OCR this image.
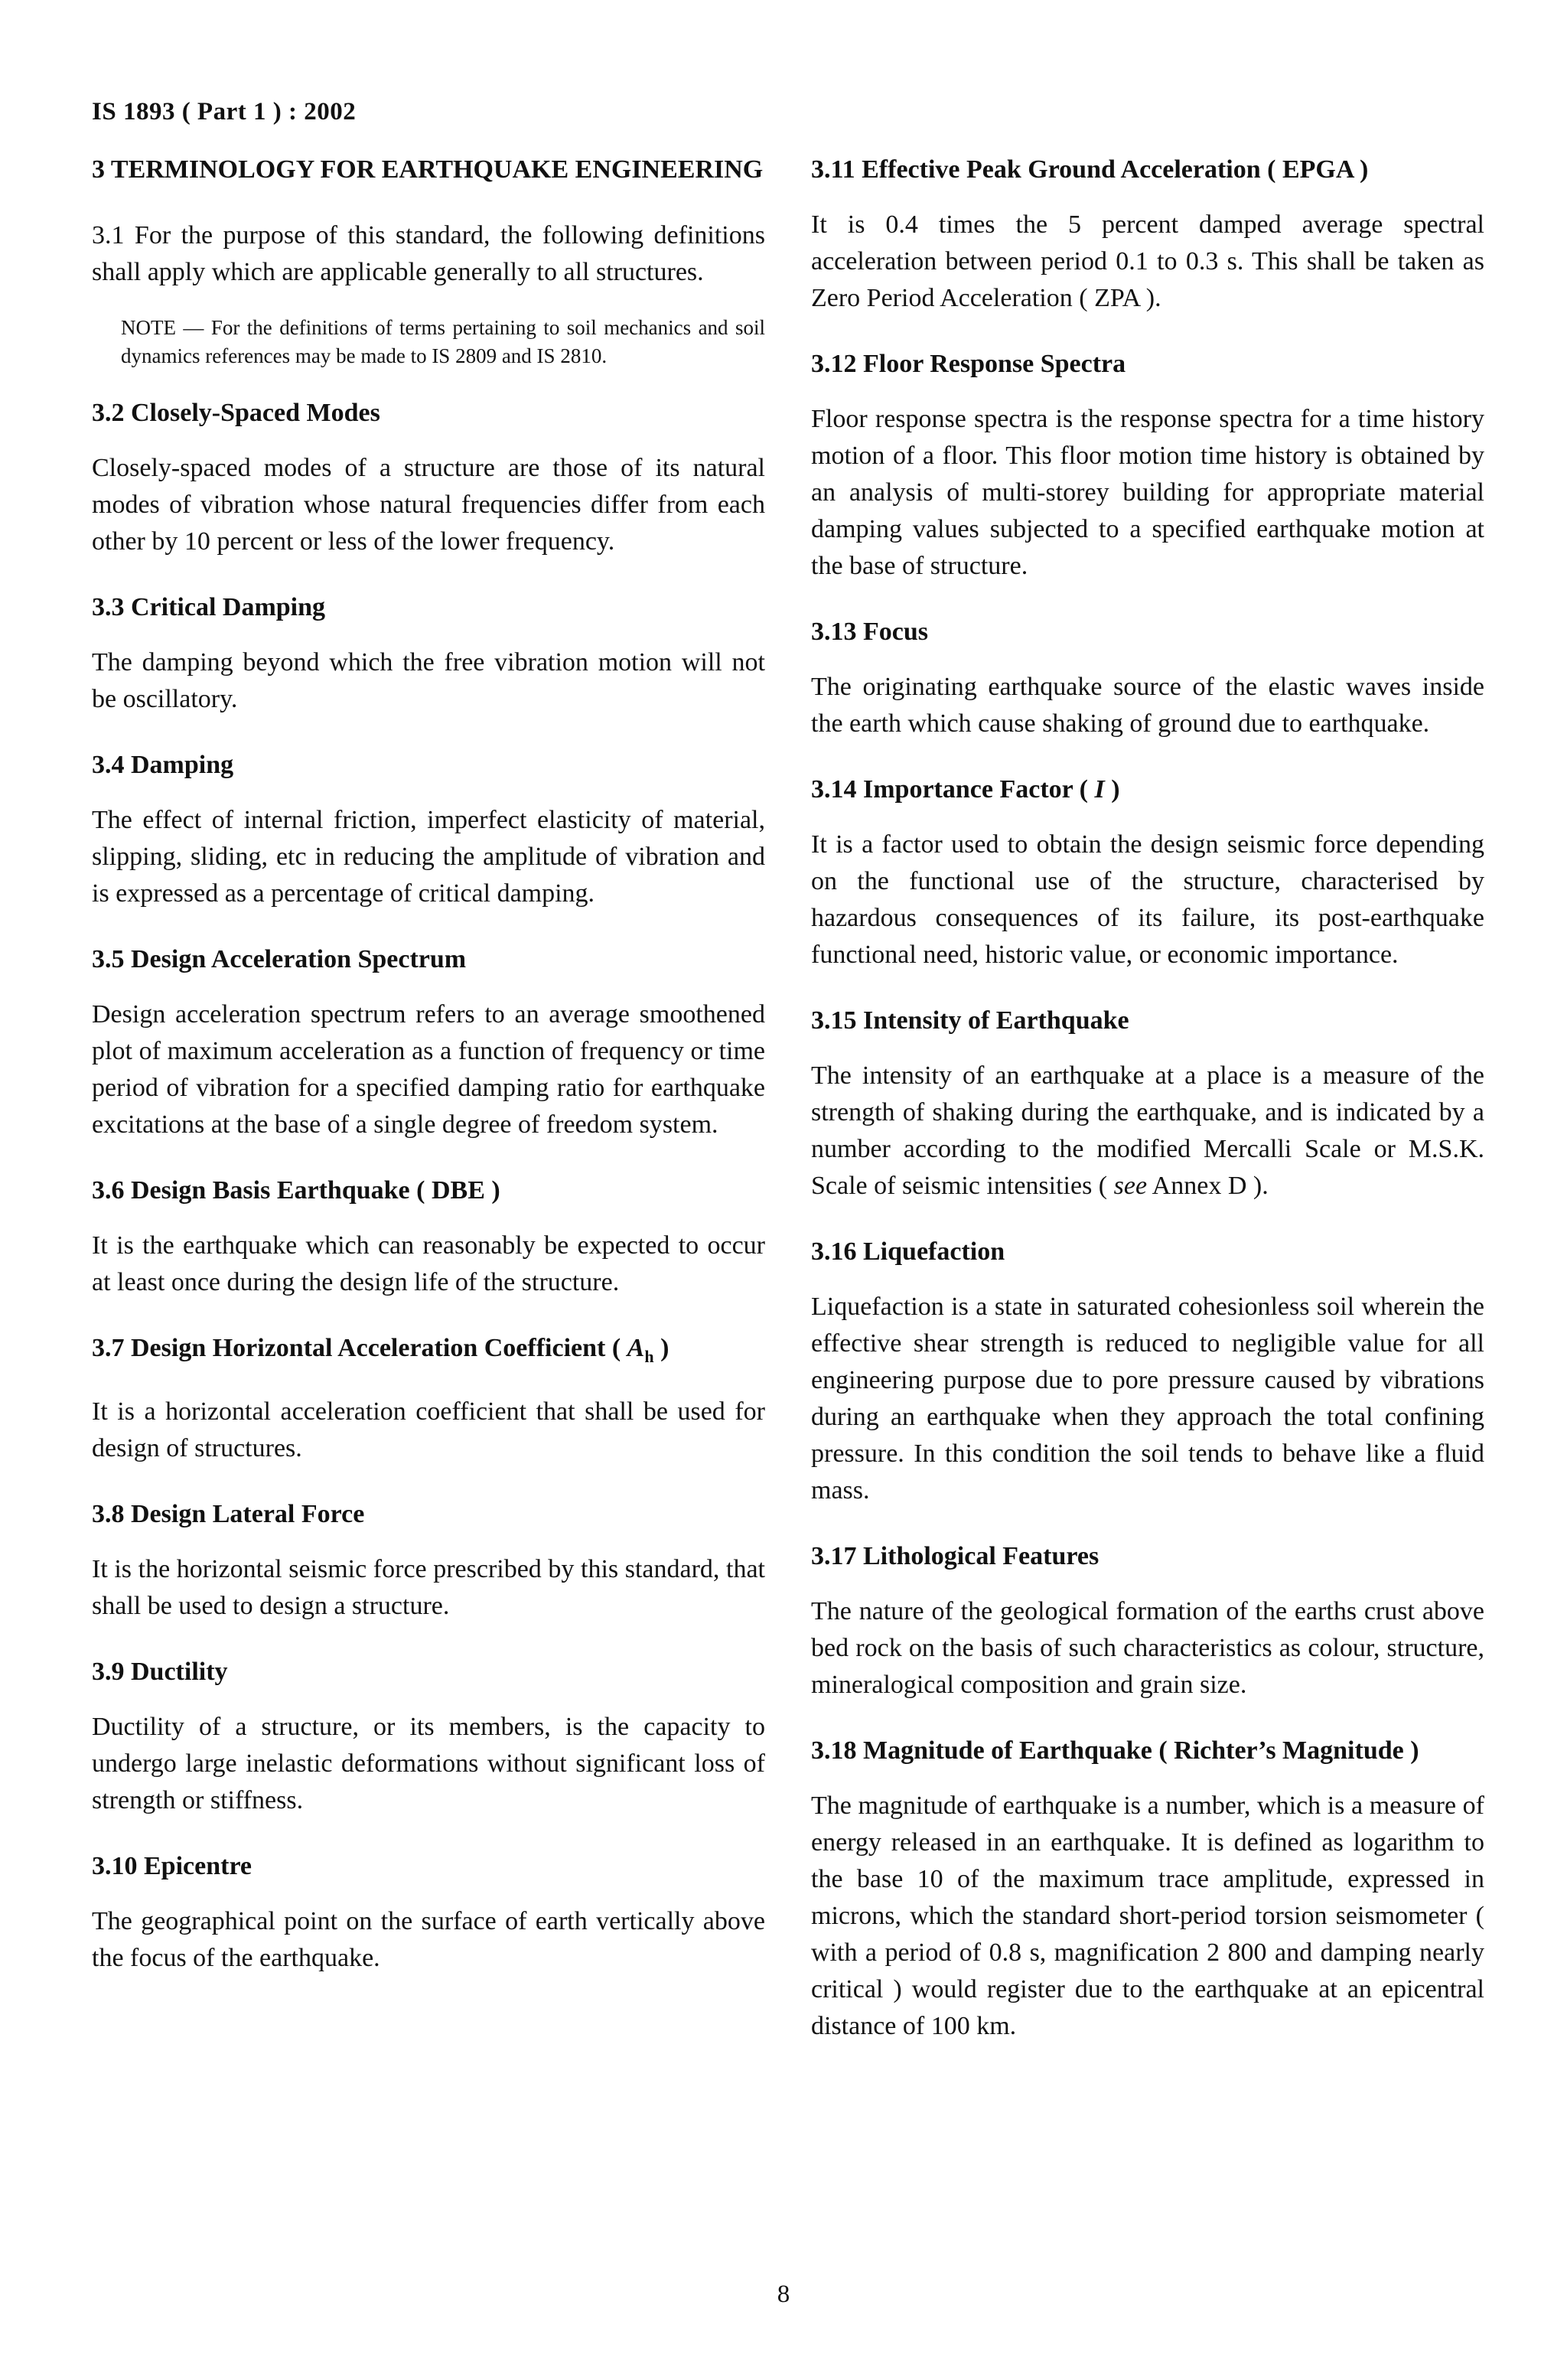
IS 1893 ( Part 1 ) : 2002
3 TERMINOLOGY FOR EARTHQUAKE ENGINEERING
3.1 For the purpose of this standard, the following definitions shall apply which are applicable generally to all structures.
NOTE — For the definitions of terms pertaining to soil mechanics and soil dynamics references may be made to IS 2809 and IS 2810.
3.2 Closely-Spaced Modes
Closely-spaced modes of a structure are those of its natural modes of vibration whose natural frequencies differ from each other by 10 percent or less of the lower frequency.
3.3 Critical Damping
The damping beyond which the free vibration motion will not be oscillatory.
3.4 Damping
The effect of internal friction, imperfect elasticity of material, slipping, sliding, etc in reducing the amplitude of vibration and is expressed as a percentage of critical damping.
3.5 Design Acceleration Spectrum
Design acceleration spectrum refers to an average smoothened plot of maximum acceleration as a function of frequency or time period of vibration for a specified damping ratio for earthquake excitations at the base of a single degree of freedom system.
3.6 Design Basis Earthquake ( DBE )
It is the earthquake which can reasonably be expected to occur at least once during the design life of the structure.
3.7 Design Horizontal Acceleration Coefficient ( $A_h$ )
It is a horizontal acceleration coefficient that shall be used for design of structures.
3.8 Design Lateral Force
It is the horizontal seismic force prescribed by this standard, that shall be used to design a structure.
3.9 Ductility
Ductility of a structure, or its members, is the capacity to undergo large inelastic deformations without significant loss of strength or stiffness.
3.10 Epicentre
The geographical point on the surface of earth vertically above the focus of the earthquake.
3.11 Effective Peak Ground Acceleration ( EPGA )
It is 0.4 times the 5 percent damped average spectral acceleration between period 0.1 to 0.3 s. This shall be taken as Zero Period Acceleration ( ZPA ).
3.12 Floor Response Spectra
Floor response spectra is the response spectra for a time history motion of a floor. This floor motion time history is obtained by an analysis of multi-storey building for appropriate material damping values subjected to a specified earthquake motion at the base of structure.
3.13 Focus
The originating earthquake source of the elastic waves inside the earth which cause shaking of ground due to earthquake.
3.14 Importance Factor ( I )
It is a factor used to obtain the design seismic force depending on the functional use of the structure, characterised by hazardous consequences of its failure, its post-earthquake functional need, historic value, or economic importance.
3.15 Intensity of Earthquake
The intensity of an earthquake at a place is a measure of the strength of shaking during the earthquake, and is indicated by a number according to the modified Mercalli Scale or M.S.K. Scale of seismic intensities ( see Annex D ).
3.16 Liquefaction
Liquefaction is a state in saturated cohesionless soil wherein the effective shear strength is reduced to negligible value for all engineering purpose due to pore pressure caused by vibrations during an earthquake when they approach the total confining pressure. In this condition the soil tends to behave like a fluid mass.
3.17 Lithological Features
The nature of the geological formation of the earths crust above bed rock on the basis of such characteristics as colour, structure, mineralogical composition and grain size.
3.18 Magnitude of Earthquake ( Richter’s Magnitude )
The magnitude of earthquake is a number, which is a measure of energy released in an earthquake. It is defined as logarithm to the base 10 of the maximum trace amplitude, expressed in microns, which the standard short-period torsion seismometer ( with a period of 0.8 s, magnification 2 800 and damping nearly critical ) would register due to the earthquake at an epicentral distance of 100 km.
8
